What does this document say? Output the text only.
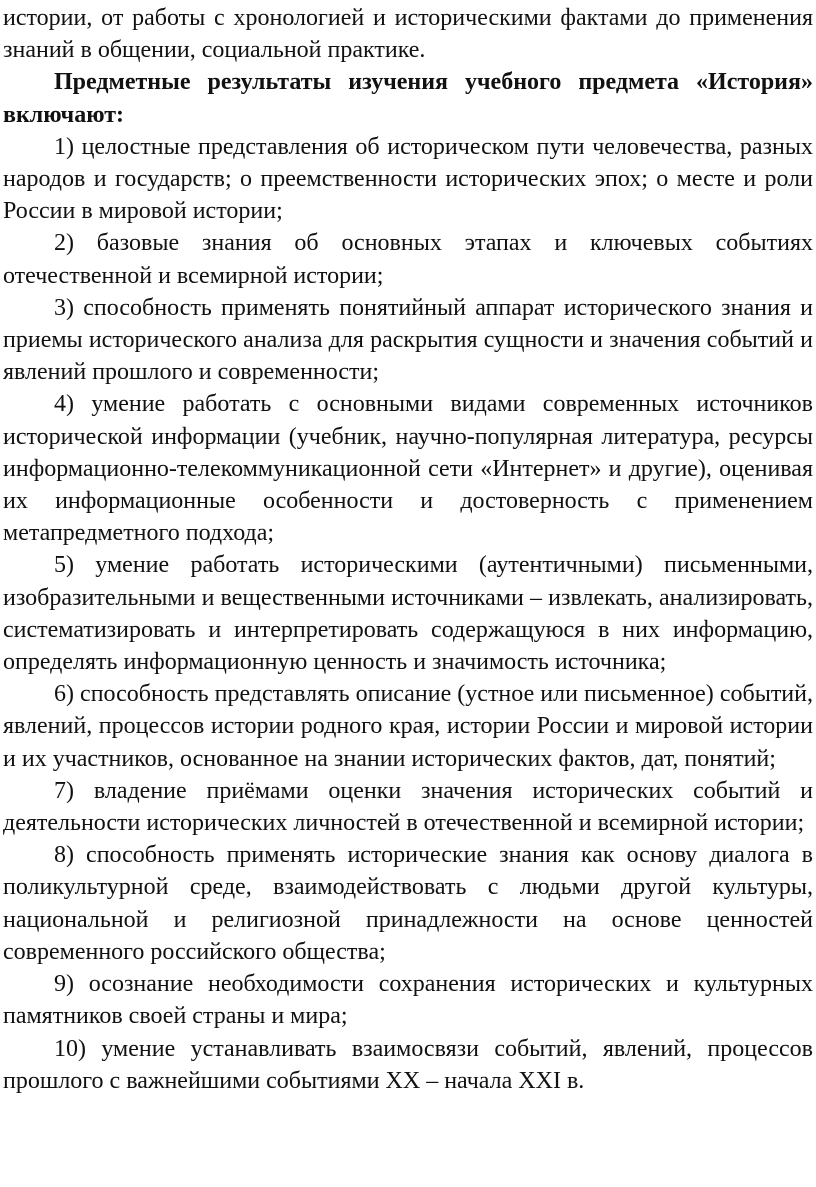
истории, от работы с хронологией и историческими фактами до применения знаний в общении, социальной практике.

Предметные результаты изучения учебного предмета «История» включают:

1) целостные представления об историческом пути человечества, разных народов и государств; о преемственности исторических эпох; о месте и роли России в мировой истории;

2) базовые знания об основных этапах и ключевых событиях отечественной и всемирной истории;

3) способность применять понятийный аппарат исторического знания и приемы исторического анализа для раскрытия сущности и значения событий и явлений прошлого и современности;

4) умение работать с основными видами современных источников исторической информации (учебник, научно-популярная литература, ресурсы информационно-телекоммуникационной сети «Интернет» и другие), оценивая их информационные особенности и достоверность с применением метапредметного подхода;

5) умение работать историческими (аутентичными) письменными, изобразительными и вещественными источниками – извлекать, анализировать, систематизировать и интерпретировать содержащуюся в них информацию, определять информационную ценность и значимость источника;

6) способность представлять описание (устное или письменное) событий, явлений, процессов истории родного края, истории России и мировой истории и их участников, основанное на знании исторических фактов, дат, понятий;

7) владение приёмами оценки значения исторических событий и деятельности исторических личностей в отечественной и всемирной истории;

8) способность применять исторические знания как основу диалога в поликультурной среде, взаимодействовать с людьми другой культуры, национальной и религиозной принадлежности на основе ценностей современного российского общества;

9) осознание необходимости сохранения исторических и культурных памятников своей страны и мира;

10) умение устанавливать взаимосвязи событий, явлений, процессов прошлого с важнейшими событиями XX – начала XXI в.
